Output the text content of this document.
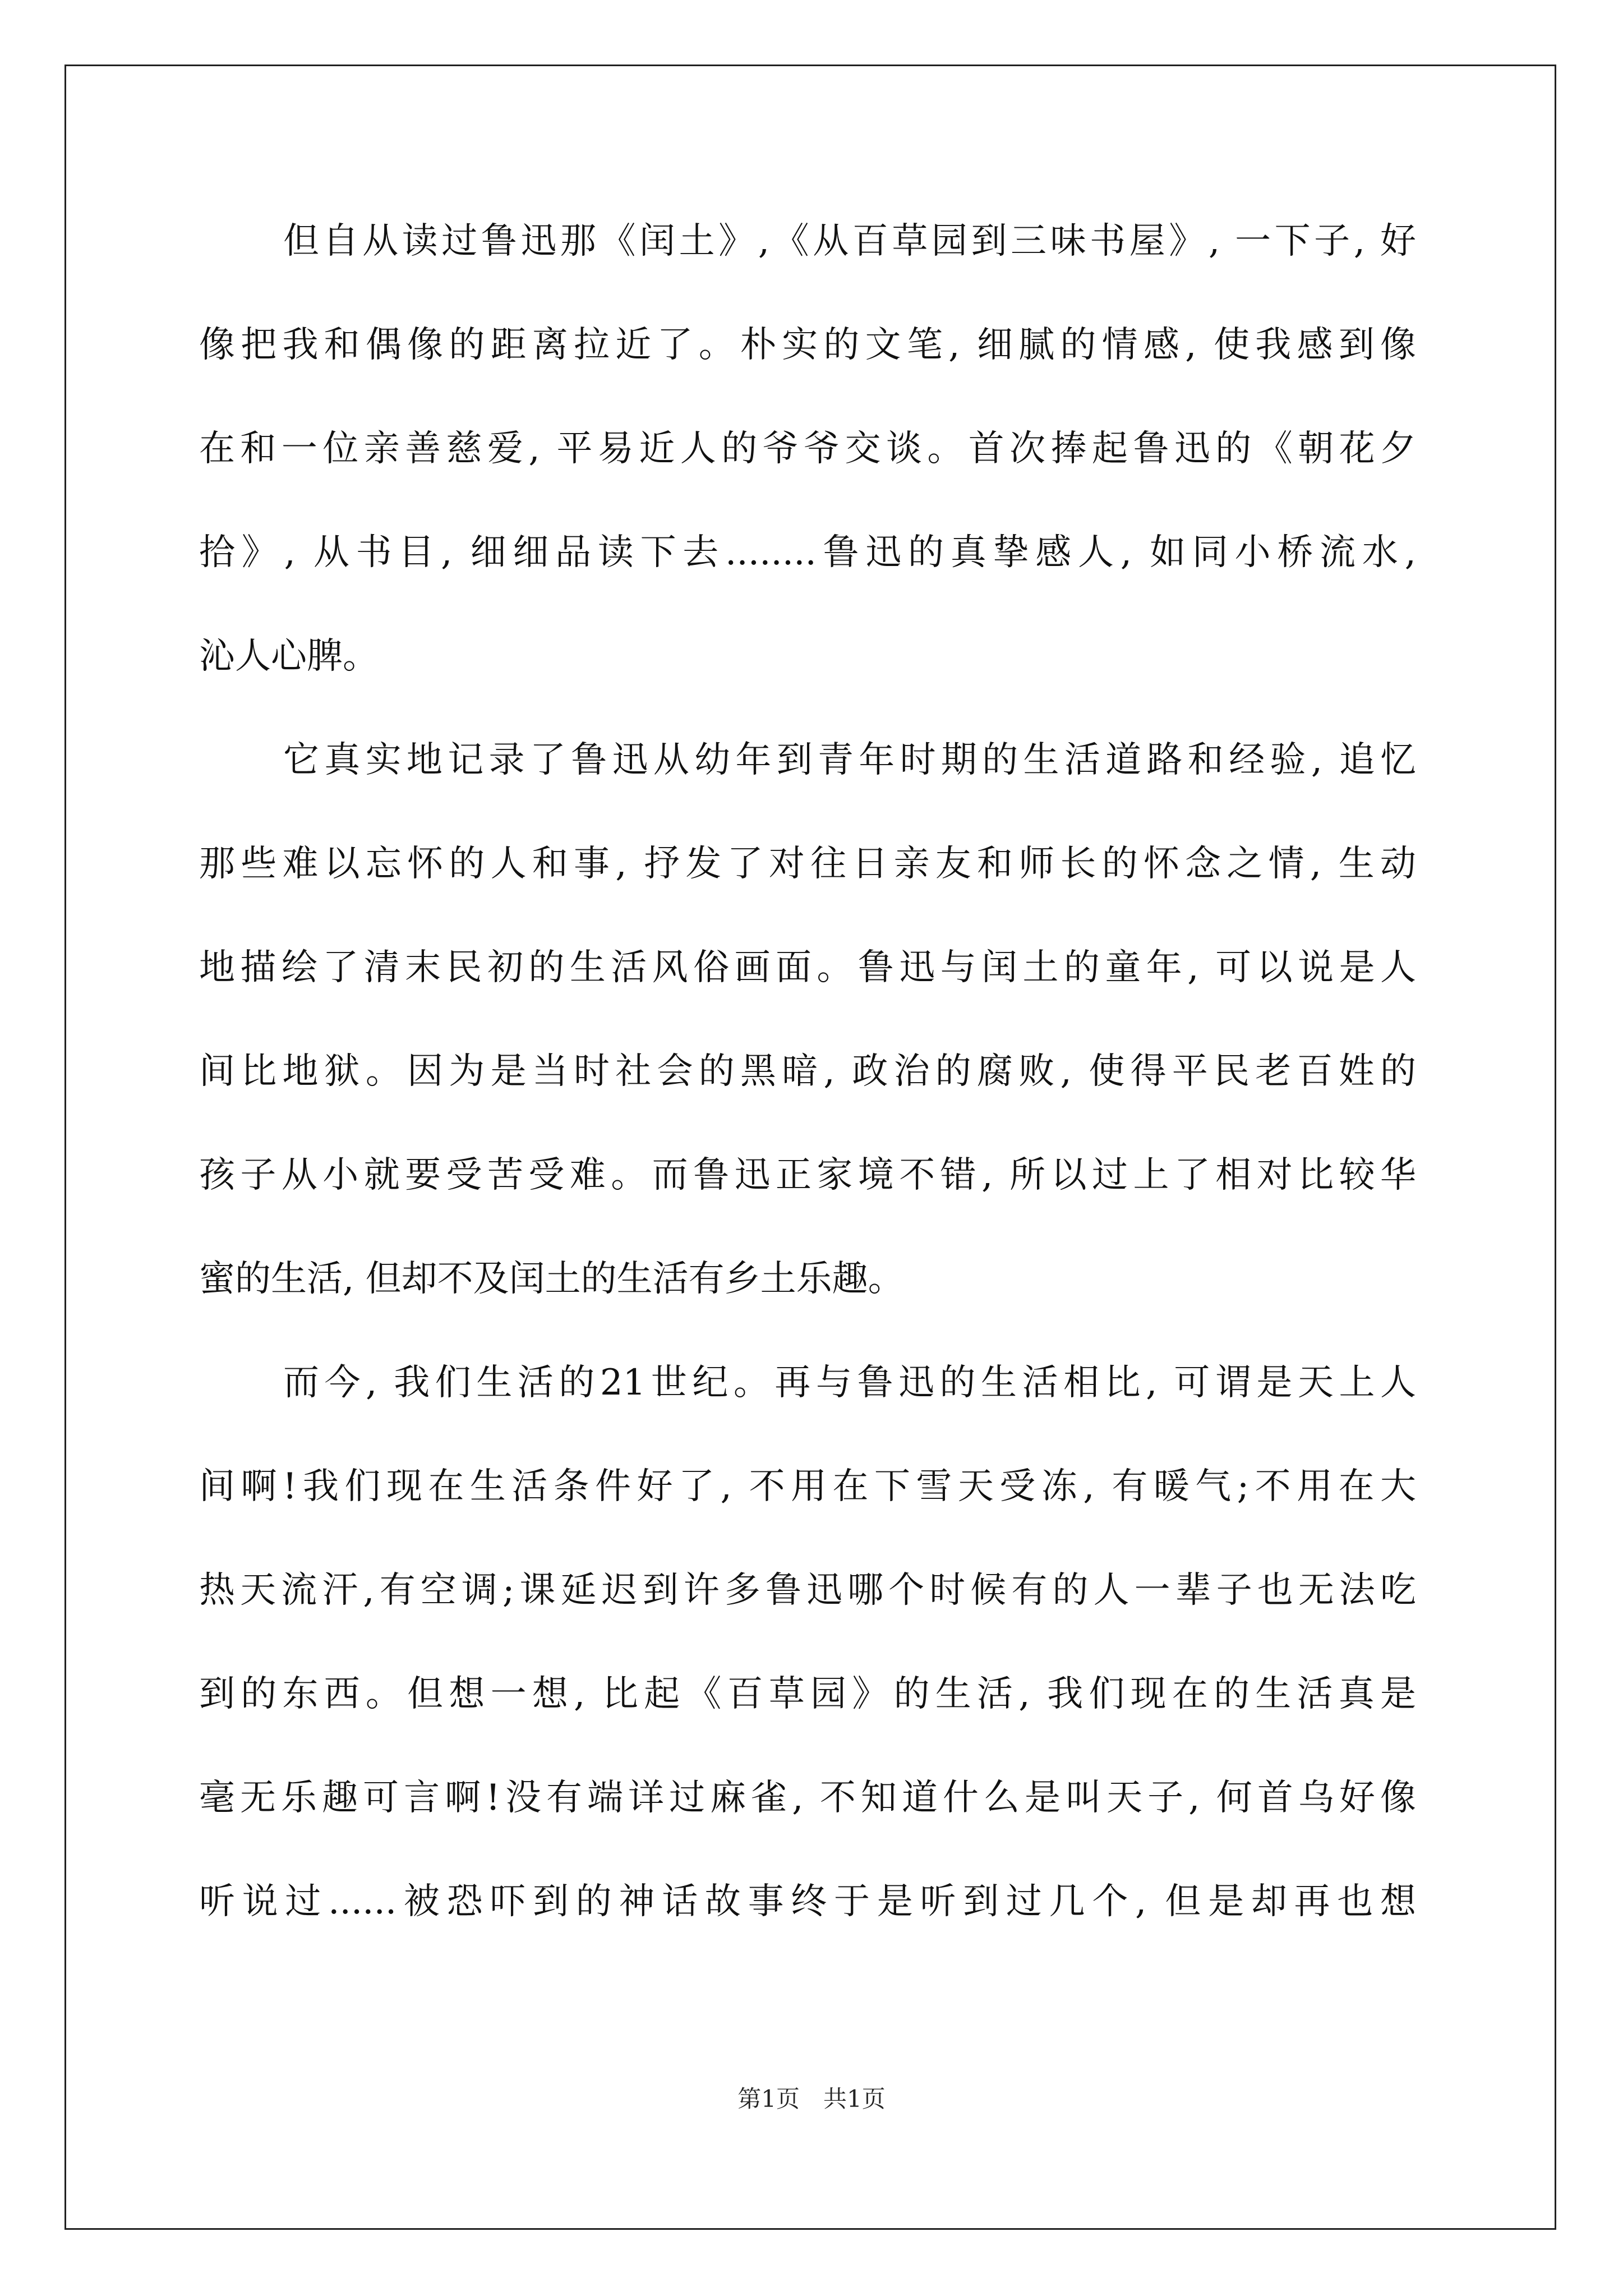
但自从读过鲁迅那《闰土》,《从百草园到三味书屋》, 一下子, 好
像把我和偶像的距离拉近了。朴实的文笔, 细腻的情感, 使我感到像
在和一位亲善慈爱, 平易近人的爷爷交谈。首次捧起鲁迅的《朝花夕
拾》, 从书目, 细细品读下去........鲁迅的真挚感人, 如同小桥流水,
沁人心脾。
它真实地记录了鲁迅从幼年到青年时期的生活道路和经验, 追忆
那些难以忘怀的人和事, 抒发了对往日亲友和师长的怀念之情, 生动
地描绘了清末民初的生活风俗画面。鲁迅与闰土的童年, 可以说是人
间比地狱。因为是当时社会的黑暗, 政治的腐败, 使得平民老百姓的
孩子从小就要受苦受难。而鲁迅正家境不错, 所以过上了相对比较华
蜜的生活, 但却不及闰土的生活有乡土乐趣。
而今, 我们生活的21世纪。再与鲁迅的生活相比, 可谓是天上人
间啊!我们现在生活条件好了, 不用在下雪天受冻, 有暖气;不用在大
热天流汗,有空调;课延迟到许多鲁迅哪个时候有的人一辈子也无法吃
到的东西。但想一想, 比起《百草园》的生活, 我们现在的生活真是
毫无乐趣可言啊!没有端详过麻雀, 不知道什么是叫天子, 何首乌好像
听说过......被恐吓到的神话故事终于是听到过几个, 但是却再也想
第1页　共1页
